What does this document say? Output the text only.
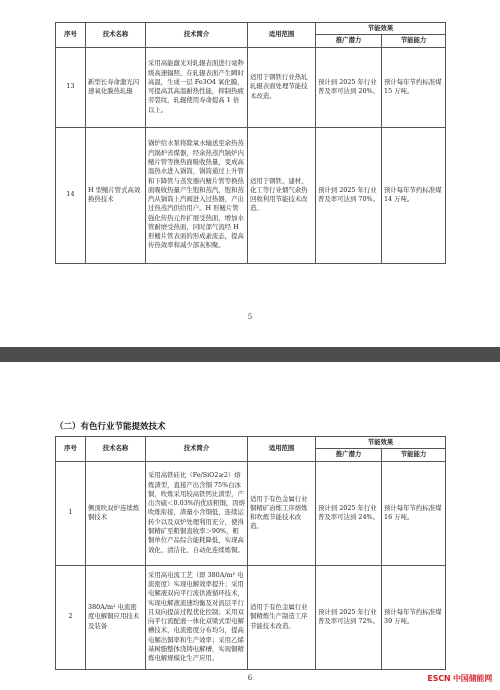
序号	技术名称	技术简介	适用范围	节能效果	
				推广潜力	节能能力
13	新型长寿命激光闪速氧化膜热轧辊	采用高能激光对轧辊表面进行毫秒级高速辐照，在轧辊表面产生瞬时高温，生成一层 Fe3O4 氧化膜，可提高其高温耐热性能，抑制热疲劳裂纹，轧辊使用寿命提高 1 倍以上。	适用于钢铁行业热轧轧辊表面处理节能技术改造。	预计到 2025 年行业普及率可达到 20%。	预计每年节约标准煤 15 万吨。
14	H 型鳍片管式高效换热技术	锅炉给水泵将除氧水输送至余热蒸汽锅炉省煤器，经余热蒸汽锅炉内鳍片管等换热面吸收热量，变成高温热水进入锅筒，锅筒通过上升管和下降管与蒸发器内鳍片管等换热面吸收热量产生饱和蒸汽，饱和蒸汽从锅筒上汽阀进入过热器，产出过热蒸汽供给用户。H 形鳍片管强化传热元件扩展受热面，增加水管耐磨受热面，同时部气流经 H 形鳍片管表面的形成紊流态，提高传热效率和减少部灰积聚。	适用于钢铁、建材、化工等行业烟气余热回收利用节能技术改造。	预计到 2025 年行业普及率可达到 70%。	预计每年节约标准煤 14 万吨。
5
（二）有色行业节能提效技术
序号	技术名称	技术简介	适用范围	节能效果	
				推广潜力	节能能力
1	侧顶吹双炉连续炼铜技术	采用高铁硅比（Fe/SiO2≥2）熔炼渣型，直接产出含铜 75%白冰铜，吹炼采用较高铁钙比渣型，产出含硫＜0.03%的优质粗铜，因熔吹炼衔接，渣量小含铜低，连续运转少以及双炉处理利用充分，使得铜精矿至粗铜直收率＞90%，粗铜单位产品综合能耗降低，实现高效化、清洁化、自动化连续炼铜。	适用于有色金属行业铜精矿冶炼工序熔炼和吹炼节能技术改造。	预计到 2025 年行业普及率可达到 24%。	预计每年节约标准煤 16 万吨。
2	380A/m² 电流密度电解铜应用技术及装备	采用高电流工艺（即 380A/m² 电流密度）实现电解效率提升；采用电解液双向平行流供液循环技术，实现电解液流速均衡及对流层平行且双向提前过程优化控制；采用双向平行流配液一体化双梁式型电解槽技术，电流密度分布均匀，提高电解出铜率和生产效率；采用乙烯基树脂整体浇铸电解槽，实现铜精炼电解规模化生产应用。	适用于有色金属行业铜精炼生产制造工序节能技术改造。	预计到 2025 年行业普及率可达到 72%。	预计每年节约标准煤 39 万吨。
6	ESCN 中国储能网
